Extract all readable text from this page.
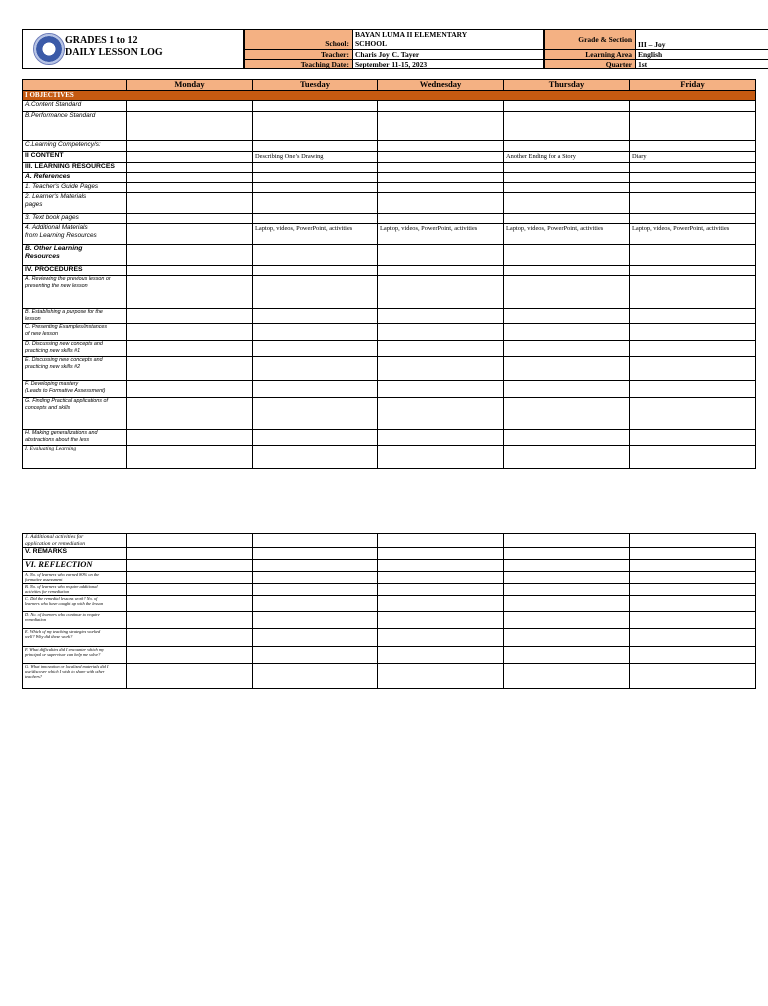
GRADES 1 to 12
DAILY LESSON LOG
School:
BAYAN LUMA II ELEMENTARY
SCHOOL
Teacher: Charis Joy C. Tayer
Teaching Date: September 11-15, 2023
Grade & Section
III – Joy
Learning Area English
Quarter 1st
	Monday	Tuesday	Wednesday	Thursday	Friday
I OBJECTIVES					
A.Content Standard					
B.Performance Standard					
C.Learning Competency/s:					
II CONTENT		Describing One’s Drawing		Another Ending for a Story	Diary
III. LEARNING RESOURCES					
A. References					
1. Teacher's Guide Pages					

2. Learner's Materials
pages					

3. Text book pages					

4. Additional Materials
from Learning Resources		Laptop, videos, PowerPoint, activities	Laptop, videos, PowerPoint, activities	Laptop, videos, PowerPoint, activities	Laptop, videos, PowerPoint, activities

B. Other Learning
Resources					

IV. PROCEDURES					

A. Reviewing the previous lesson or
presenting the new lesson					

B. Establishing a purpose for the
lesson					

C. Presenting Examples/instances
of new lesson					

D. Discussing new concepts and
practicing new skills #1					

E. Discussing new concepts and
practicing new skills #2					

F. Developing mastery
(Leads to Formative Assessment)					

G. Finding Practical applications of
concepts and skills					

H. Making generalizations and
abstractions about the less					

I. Evaluating Learning					
J. Additional activities for
application or remediation					

V. REMARKS					
VI. REFLECTION					

A. No. of learners who earned 80% on the
formative assessment					

B. No. of learners who require additional
activities for remediation					

C. Did the remedial lessons work? No. of
learners who have caught up with the lesson					

D. No. of learners who continue to require
remediation					

E. Which of my teaching strategies worked
well? Why did these work?					

F. What difficulties did I encounter which my
principal or supervisor can help me solve?					

G. What innovation or localized materials did I
use/discover which I wish to share with other
teachers?					
